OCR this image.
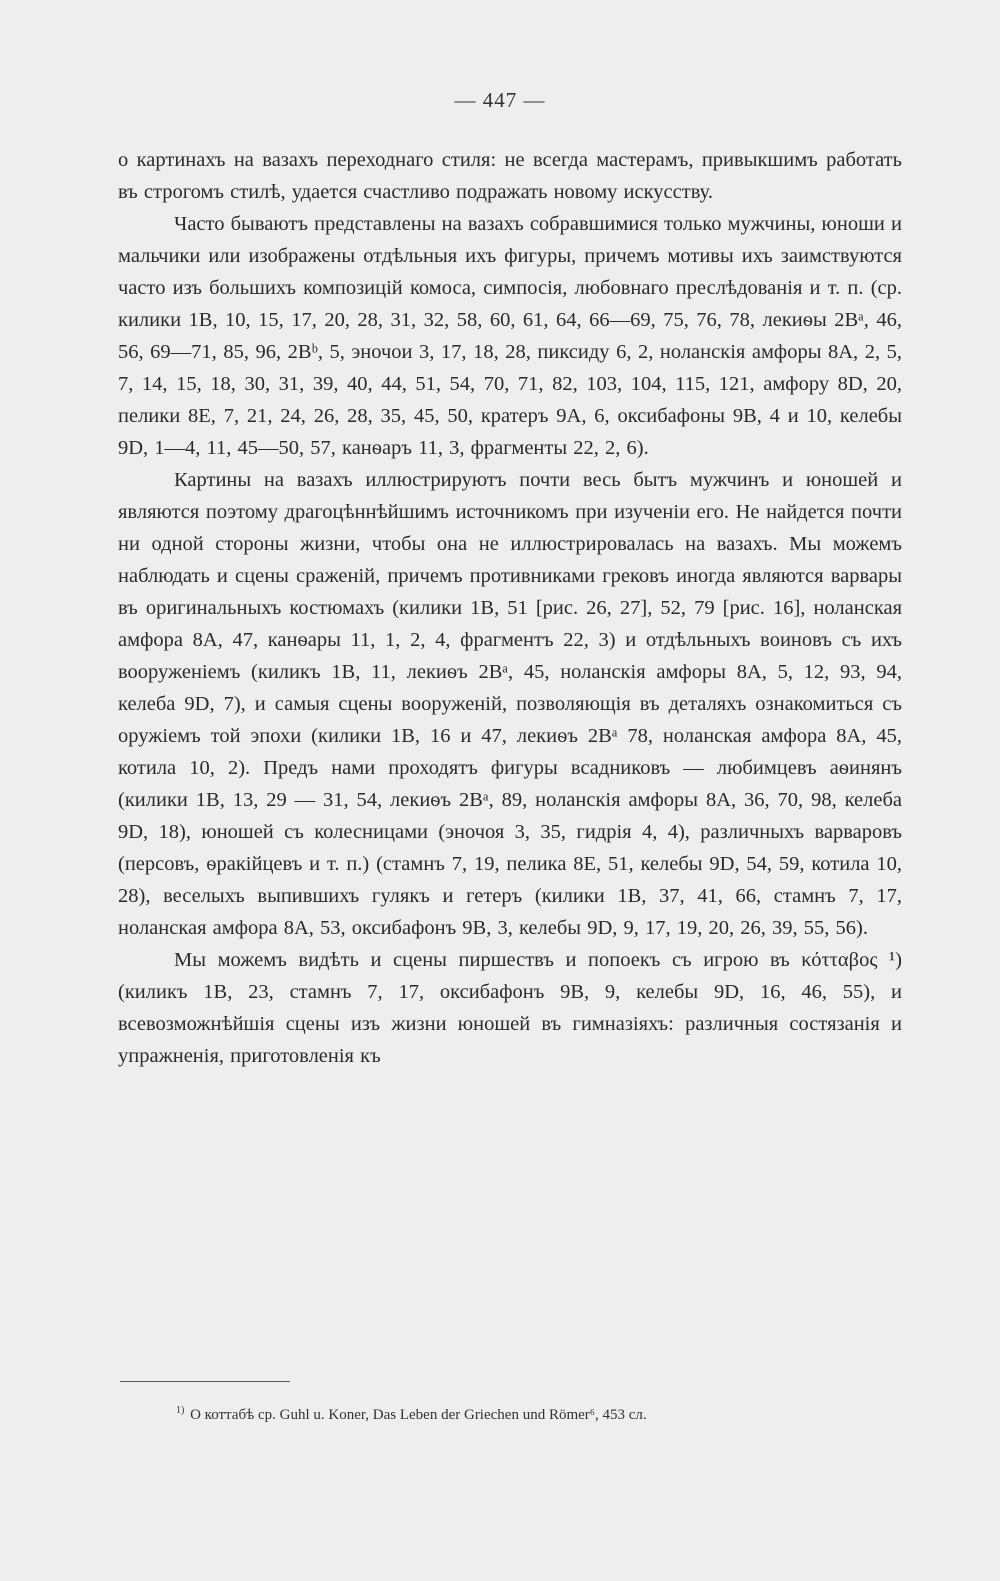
— 447 —

о картинахъ на вазахъ переходнаго стиля: не всегда мастерамъ, привыкшимъ работать въ строгомъ стилѣ, удается счастливо подражать новому искусству.

Часто бываютъ представлены на вазахъ собравшимися только мужчины, юноши и мальчики или изображены отдѣльныя ихъ фигуры, причемъ мотивы ихъ заимствуются часто изъ большихъ композицій комоса, симпосія, любовнаго преслѣдованія и т. п. (ср. килики 1B, 10, 15, 17, 20, 28, 31, 32, 58, 60, 61, 64, 66—69, 75, 76, 78, лекиѳы 2Bᵃ, 46, 56, 69—71, 85, 96, 2Bᵇ, 5, эночои 3, 17, 18, 28, пиксиду 6, 2, ноланскія амфоры 8A, 2, 5, 7, 14, 15, 18, 30, 31, 39, 40, 44, 51, 54, 70, 71, 82, 103, 104, 115, 121, амфору 8D, 20, пелики 8E, 7, 21, 24, 26, 28, 35, 45, 50, кратеръ 9A, 6, оксибафоны 9B, 4 и 10, келебы 9D, 1—4, 11, 45—50, 57, канѳаръ 11, 3, фрагменты 22, 2, 6).

Картины на вазахъ иллюстрируютъ почти весь бытъ мужчинъ и юношей и являются поэтому драгоцѣннѣйшимъ источникомъ при изученіи его. Не найдется почти ни одной стороны жизни, чтобы она не иллюстрировалась на вазахъ. Мы можемъ наблюдать и сцены сраженій, причемъ противниками грековъ иногда являются варвары въ оригинальныхъ костюмахъ (килики 1B, 51 [рис. 26, 27], 52, 79 [рис. 16], ноланская амфора 8A, 47, канѳары 11, 1, 2, 4, фрагментъ 22, 3) и отдѣльныхъ воиновъ съ ихъ вооруженіемъ (киликъ 1B, 11, лекиѳъ 2Bᵃ, 45, ноланскія амфоры 8A, 5, 12, 93, 94, келеба 9D, 7), и самыя сцены вооруженій, позволяющія въ деталяхъ ознакомиться съ оружіемъ той эпохи (килики 1B, 16 и 47, лекиѳъ 2Bᵃ 78, ноланская амфора 8A, 45, котила 10, 2). Предъ нами проходятъ фигуры всадниковъ — любимцевъ аѳинянъ (килики 1B, 13, 29 — 31, 54, лекиѳъ 2Bᵃ, 89, ноланскія амфоры 8A, 36, 70, 98, келеба 9D, 18), юношей съ колесницами (эночоя 3, 35, гидрія 4, 4), различныхъ варваровъ (персовъ, ѳракійцевъ и т. п.) (стамнъ 7, 19, пелика 8E, 51, келебы 9D, 54, 59, котила 10, 28), веселыхъ выпившихъ гулякъ и гетеръ (килики 1B, 37, 41, 66, стамнъ 7, 17, ноланская амфора 8A, 53, оксибафонъ 9B, 3, келебы 9D, 9, 17, 19, 20, 26, 39, 55, 56).

Мы можемъ видѣть и сцены пиршествъ и попоекъ съ игрою въ κότταβος ¹) (киликъ 1B, 23, стамнъ 7, 17, оксибафонъ 9B, 9, келебы 9D, 16, 46, 55), и всевозможнѣйшія сцены изъ жизни юношей въ гимназіяхъ: различныя состязанія и упражненія, приготовленія къ

$^{1)}$ О коттабѣ ср. Guhl u. Koner, Das Leben der Griechen und Römer⁶, 453 сл.
